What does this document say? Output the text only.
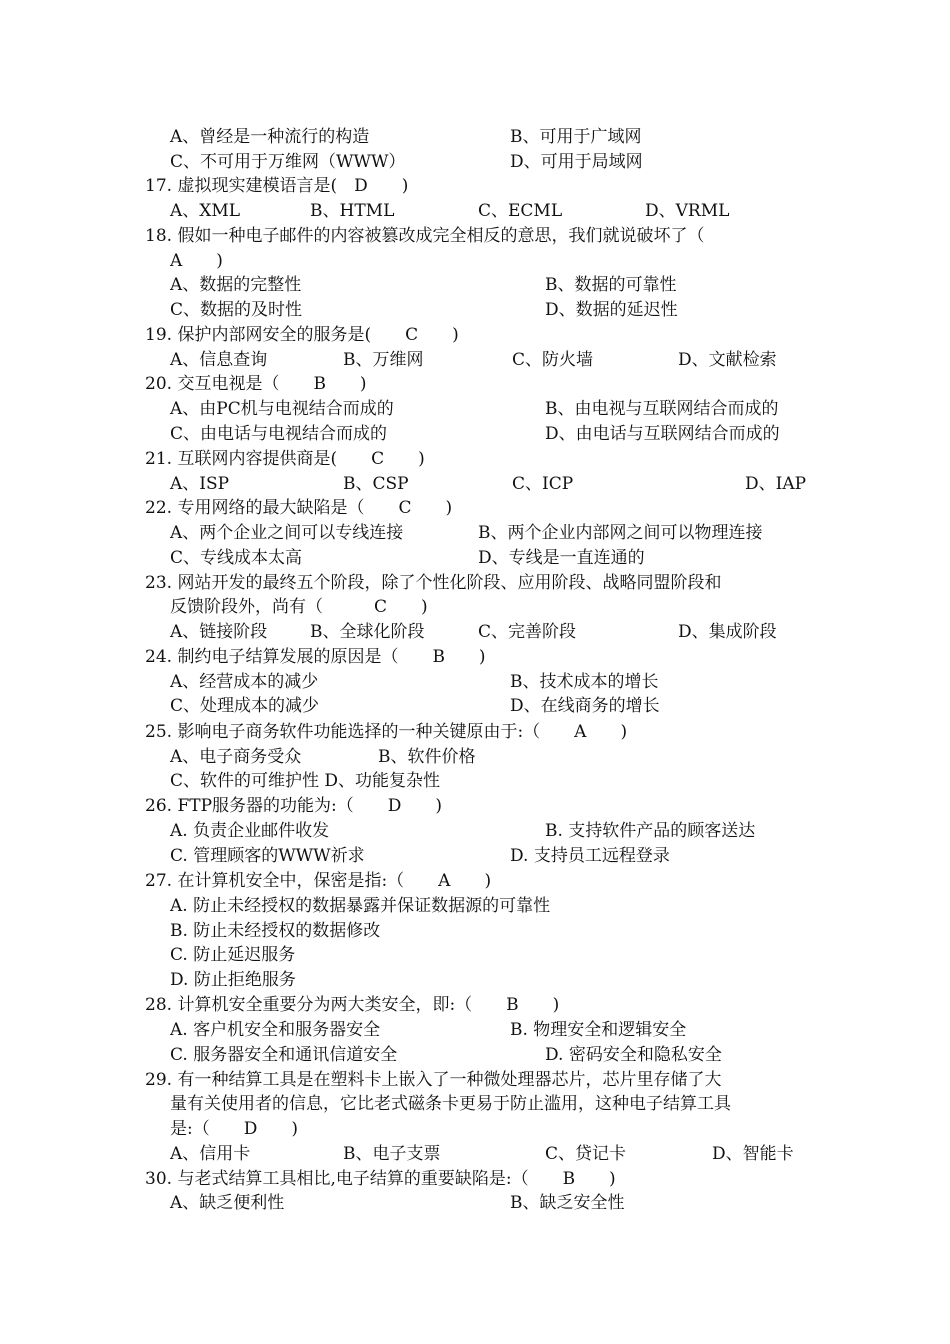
A、曾经是一种流行的构造	B、可用于广域网
C、不可用于万维网（WWW）	D、可用于局域网
17. 虚拟现实建模语言是(　D　　)
A、XML	B、HTML	C、ECML	D、VRML
18. 假如一种电子邮件的内容被篡改成完全相反的意思，我们就说破坏了（
A　　)
A、数据的完整性	B、数据的可靠性
C、数据的及时性	D、数据的延迟性
19. 保护内部网安全的服务是(　　C　　)
A、信息查询	B、万维网	C、防火墙	D、文献检索
20. 交互电视是（　　B　　)
A、由PC机与电视结合而成的	B、由电视与互联网结合而成的
C、由电话与电视结合而成的	D、由电话与互联网结合而成的
21. 互联网内容提供商是(　　C　　)
A、ISP	B、CSP	C、ICP	D、IAP
22. 专用网络的最大缺陷是（　　C　　)
A、两个企业之间可以专线连接	B、两个企业内部网之间可以物理连接
C、专线成本太高	D、专线是一直连通的
23. 网站开发的最终五个阶段，除了个性化阶段、应用阶段、战略同盟阶段和
反馈阶段外，尚有（　　　C　　)
A、链接阶段	B、全球化阶段	C、完善阶段	D、集成阶段
24. 制约电子结算发展的原因是（　　B　　)
A、经营成本的减少	B、技术成本的增长
C、处理成本的减少	D、在线商务的增长
25. 影响电子商务软件功能选择的一种关键原由于:（　　A　　)
A、电子商务受众	B、软件价格
C、软件的可维护性 D、功能复杂性
26. FTP服务器的功能为:（　　D　　)
A. 负责企业邮件收发	B. 支持软件产品的顾客送达
C. 管理顾客的WWW祈求	D. 支持员工远程登录
27. 在计算机安全中，保密是指:（　　A　　)
A. 防止未经授权的数据暴露并保证数据源的可靠性
B. 防止未经授权的数据修改
C. 防止延迟服务
D. 防止拒绝服务
28. 计算机安全重要分为两大类安全，即:（　　B　　)
A. 客户机安全和服务器安全	B. 物理安全和逻辑安全
C. 服务器安全和通讯信道安全	D. 密码安全和隐私安全
29. 有一种结算工具是在塑料卡上嵌入了一种微处理器芯片，芯片里存储了大
量有关使用者的信息，它比老式磁条卡更易于防止滥用，这种电子结算工具
是:（　　D　　)
A、信用卡	B、电子支票	C、贷记卡	D、智能卡
30. 与老式结算工具相比,电子结算的重要缺陷是:（　　B　　)
A、缺乏便利性	B、缺乏安全性
